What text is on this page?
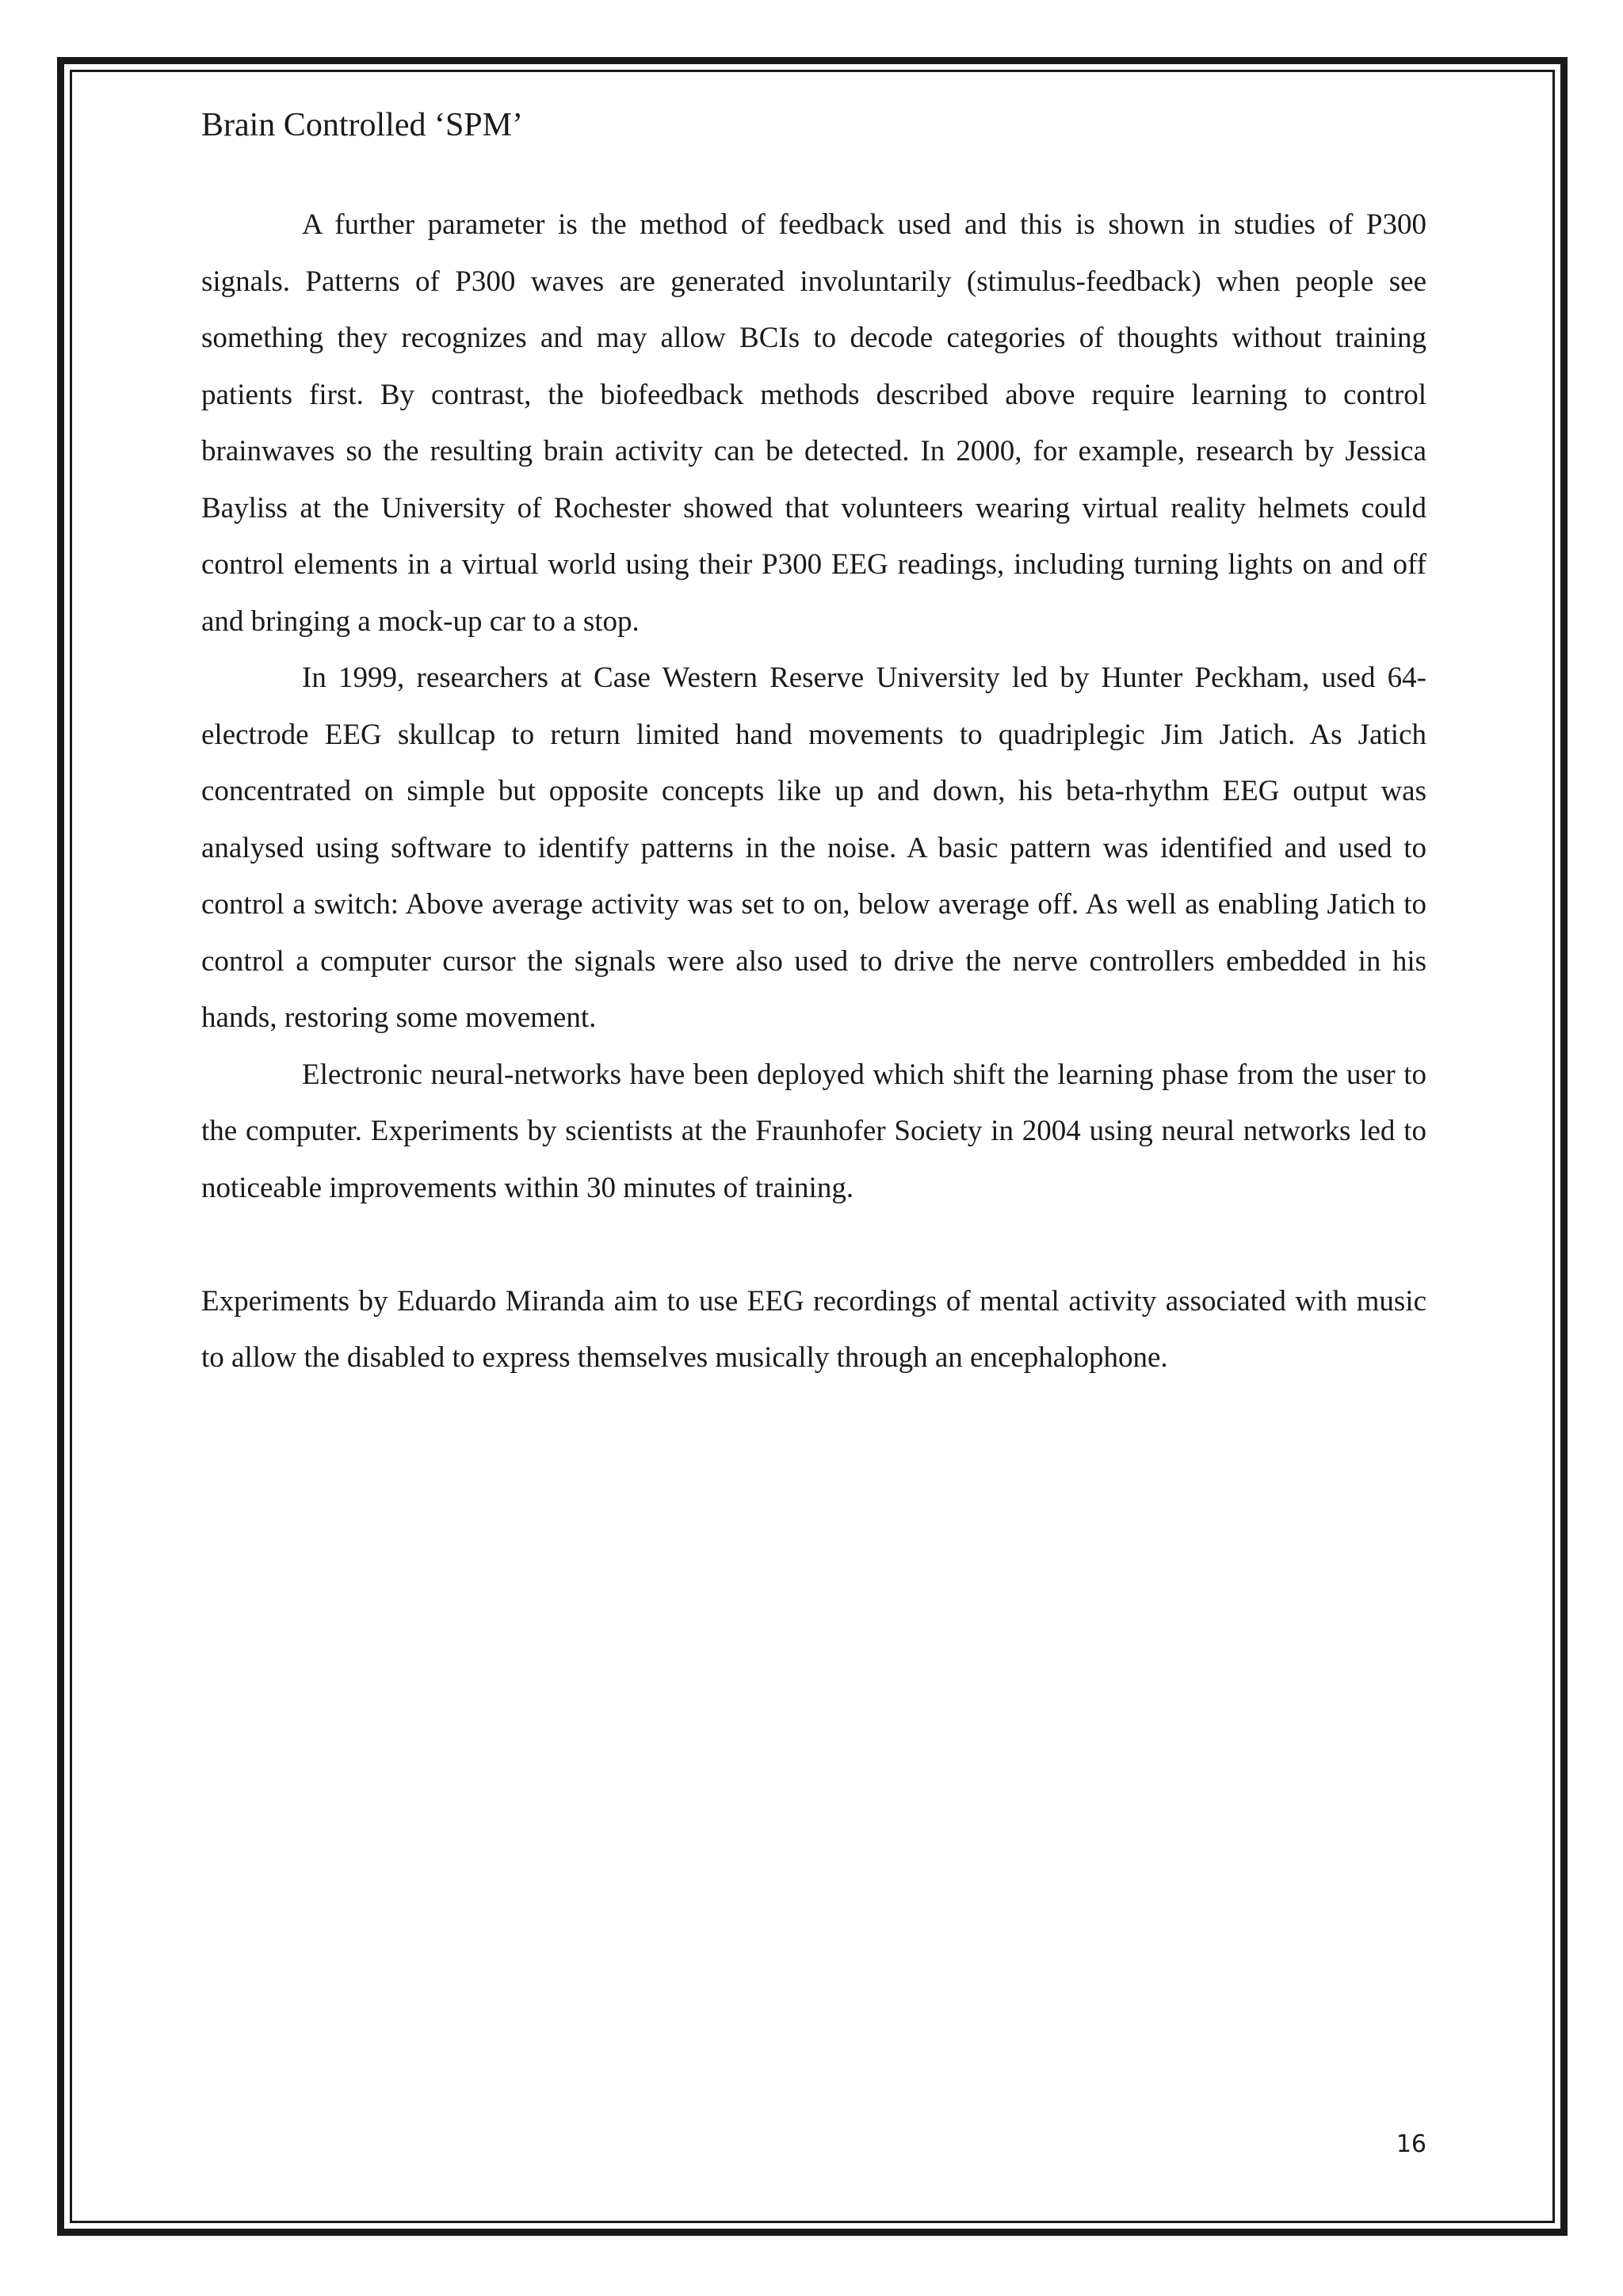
Brain Controlled ‘SPM’

A further parameter is the method of feedback used and this is shown in studies of P300 signals. Patterns of P300 waves are generated involuntarily (stimulus-feedback) when people see something they recognizes and may allow BCIs to decode categories of thoughts without training patients first. By contrast, the biofeedback methods described above require learning to control brainwaves so the resulting brain activity can be detected. In 2000, for example, research by Jessica Bayliss at the University of Rochester showed that volunteers wearing virtual reality helmets could control elements in a virtual world using their P300 EEG readings, including turning lights on and off and bringing a mock-up car to a stop.

In 1999, researchers at Case Western Reserve University led by Hunter Peckham, used 64-electrode EEG skullcap to return limited hand movements to quadriplegic Jim Jatich. As Jatich concentrated on simple but opposite concepts like up and down, his beta-rhythm EEG output was analysed using software to identify patterns in the noise. A basic pattern was identified and used to control a switch: Above average activity was set to on, below average off. As well as enabling Jatich to control a computer cursor the signals were also used to drive the nerve controllers embedded in his hands, restoring some movement.

Electronic neural-networks have been deployed which shift the learning phase from the user to the computer. Experiments by scientists at the Fraunhofer Society in 2004 using neural networks led to noticeable improvements within 30 minutes of training.

Experiments by Eduardo Miranda aim to use EEG recordings of mental activity associated with music to allow the disabled to express themselves musically through an encephalophone.

16
